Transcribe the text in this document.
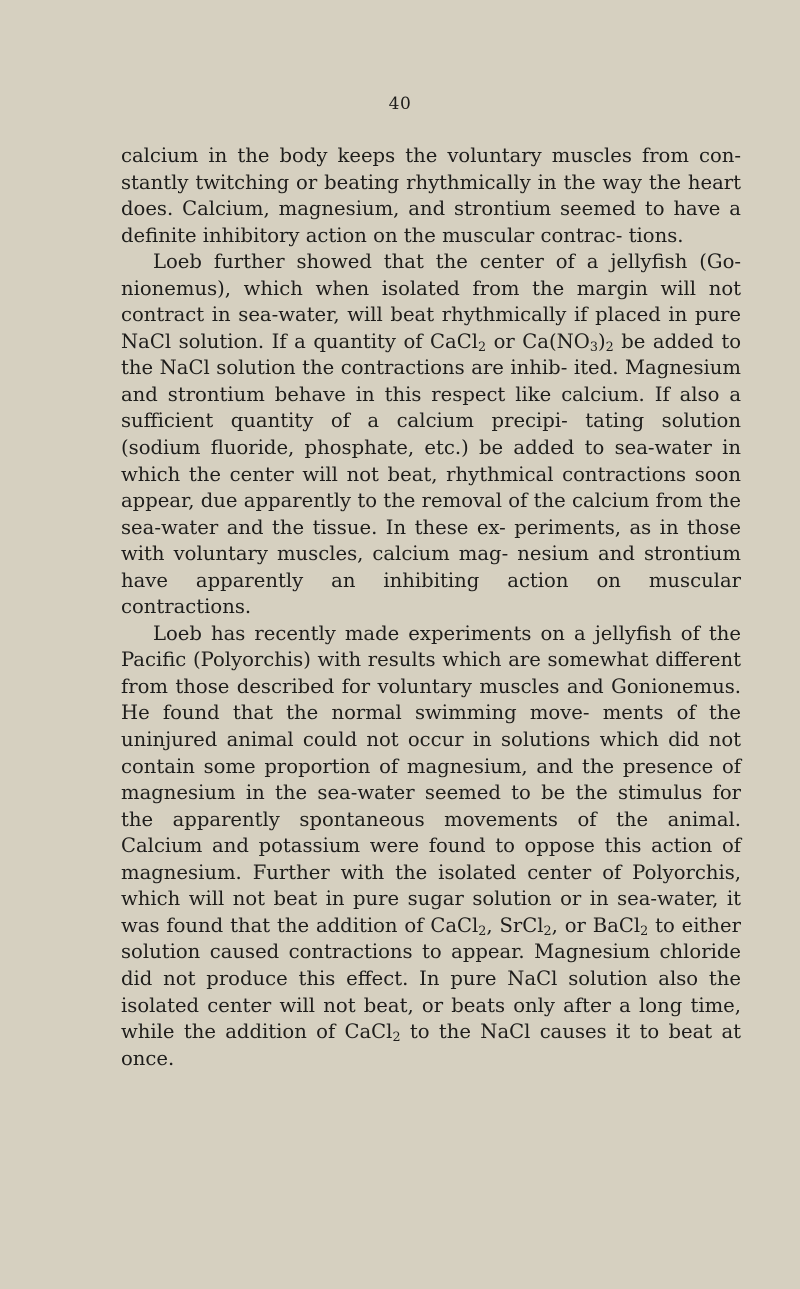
40

calcium in the body keeps the voluntary muscles from con- stantly twitching or beating rhythmically in the way the heart does. Calcium, magnesium, and strontium seemed to have a definite inhibitory action on the muscular contrac- tions.

Loeb further showed that the center of a jellyfish (Go- nionemus), which when isolated from the margin will not contract in sea-water, will beat rhythmically if placed in pure NaCl solution. If a quantity of CaCl$_2$ or $Ca(NO_3)_2$ be added to the NaCl solution the contractions are inhib- ited. Magnesium and strontium behave in this respect like calcium. If also a sufficient quantity of a calcium precipi- tating solution (sodium fluoride, phosphate, etc.) be added to sea-water in which the center will not beat, rhythmical contractions soon appear, due apparently to the removal of the calcium from the sea-water and the tissue. In these ex- periments, as in those with voluntary muscles, calcium mag- nesium and strontium have apparently an inhibiting action on muscular contractions.

Loeb has recently made experiments on a jellyfish of the Pacific (Polyorchis) with results which are somewhat different from those described for voluntary muscles and Gonionemus. He found that the normal swimming move- ments of the uninjured animal could not occur in solutions which did not contain some proportion of magnesium, and the presence of magnesium in the sea-water seemed to be the stimulus for the apparently spontaneous movements of the animal. Calcium and potassium were found to oppose this action of magnesium. Further with the isolated center of Polyorchis, which will not beat in pure sugar solution or in sea-water, it was found that the addition of CaCl$_2$, SrCl$_2$, or BaCl$_2$ to either solution caused contractions to appear. Magnesium chloride did not produce this effect. In pure NaCl solution also the isolated center will not beat, or beats only after a long time, while the addition of CaCl$_2$ to the NaCl causes it to beat at once.
